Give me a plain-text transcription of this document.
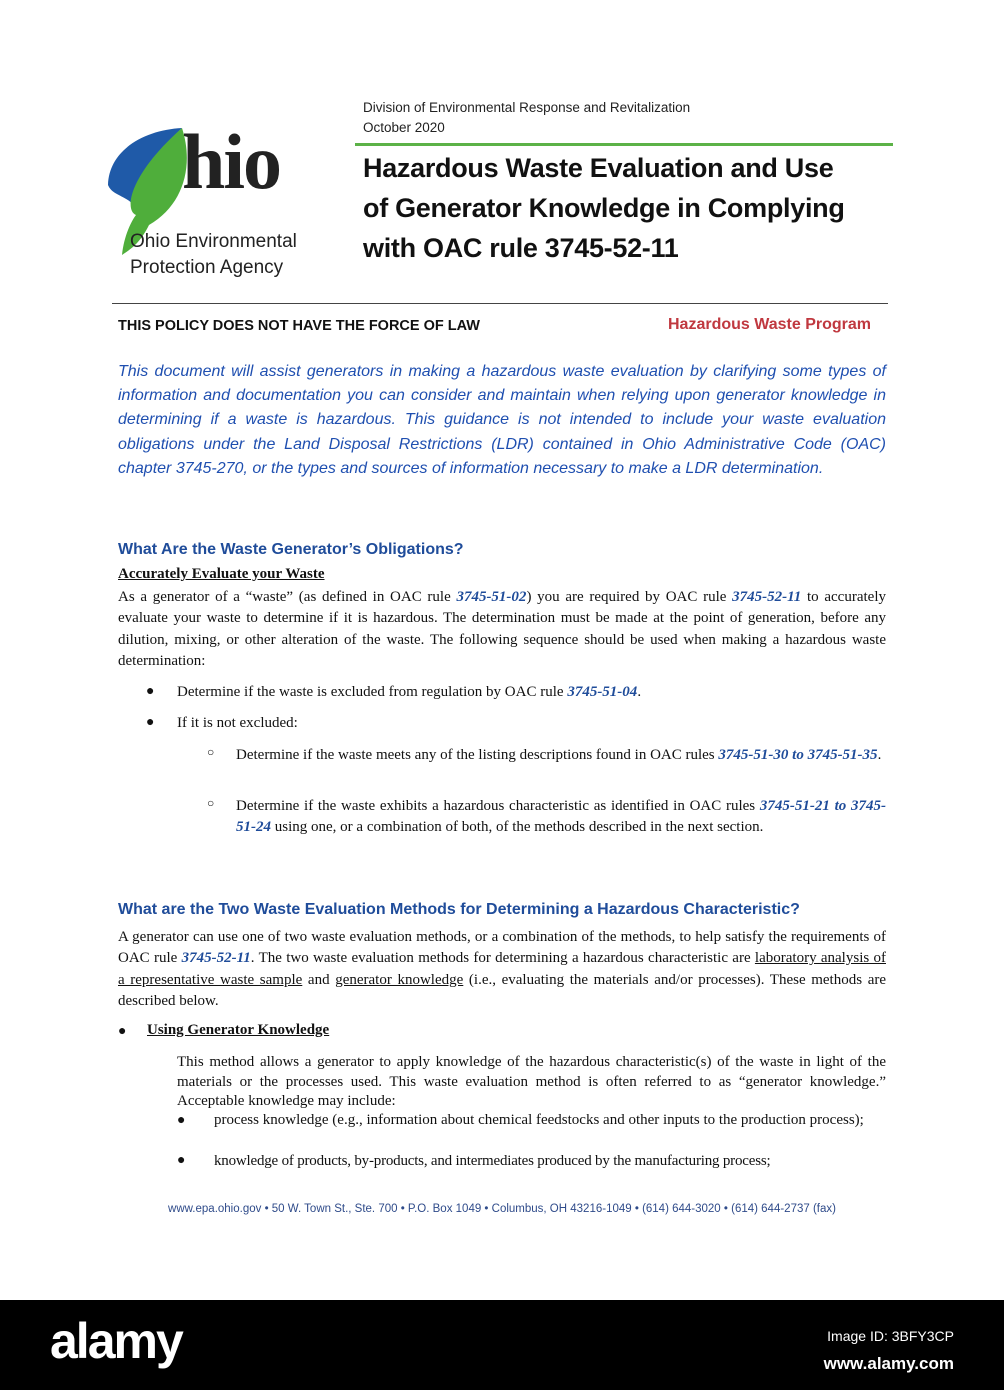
Division of Environmental Response and Revitalization
October 2020
Hazardous Waste Evaluation and Use
of Generator Knowledge in Complying
with OAC rule 3745-52-11
hio
Ohio Environmental
Protection Agency
THIS POLICY DOES NOT HAVE THE FORCE OF LAW	Hazardous Waste Program
This document will assist generators in making a hazardous waste evaluation by clarifying some types of information and documentation you can consider and maintain when relying upon generator knowledge in determining if a waste is hazardous. This guidance is not intended to include your waste evaluation obligations under the Land Disposal Restrictions (LDR) contained in Ohio Administrative Code (OAC) chapter 3745-270, or the types and sources of information necessary to make a LDR determination.
What Are the Waste Generator’s Obligations?
Accurately Evaluate your Waste
As a generator of a “waste” (as defined in OAC rule 3745-51-02) you are required by OAC rule 3745-52-11 to accurately evaluate your waste to determine if it is hazardous. The determination must be made at the point of generation, before any dilution, mixing, or other alteration of the waste. The following sequence should be used when making a hazardous waste determination:
● Determine if the waste is excluded from regulation by OAC rule 3745-51-04.
● If it is not excluded:
○ Determine if the waste meets any of the listing descriptions found in OAC rules 3745-51-30 to 3745-51-35.
○ Determine if the waste exhibits a hazardous characteristic as identified in OAC rules 3745-51-21 to 3745-51-24 using one, or a combination of both, of the methods described in the next section.
What are the Two Waste Evaluation Methods for Determining a Hazardous Characteristic?
A generator can use one of two waste evaluation methods, or a combination of the methods, to help satisfy the requirements of OAC rule 3745-52-11. The two waste evaluation methods for determining a hazardous characteristic are laboratory analysis of a representative waste sample and generator knowledge (i.e., evaluating the materials and/or processes). These methods are described below.
● Using Generator Knowledge
This method allows a generator to apply knowledge of the hazardous characteristic(s) of the waste in light of the materials or the processes used. This waste evaluation method is often referred to as “generator knowledge.” Acceptable knowledge may include:
● process knowledge (e.g., information about chemical feedstocks and other inputs to the production process);
● knowledge of products, by-products, and intermediates produced by the manufacturing process;
www.epa.ohio.gov • 50 W. Town St., Ste. 700 • P.O. Box 1049 • Columbus, OH 43216-1049 • (614) 644-3020 • (614) 644-2737 (fax)
alamy	Image ID: 3BFY3CP
www.alamy.com
